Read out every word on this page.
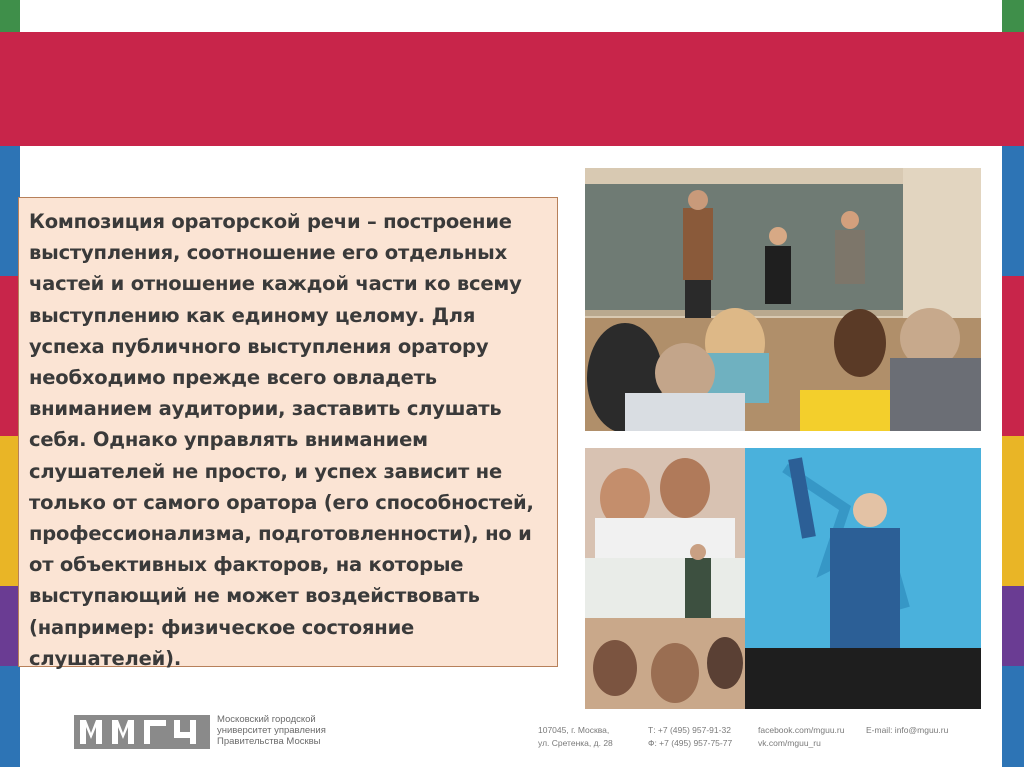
Композиция ораторской речи – построение выступления, соотношение его отдельных частей и отношение каждой части ко всему выступлению как единому целому. Для успеха публичного выступления оратору необходимо прежде всего овладеть вниманием аудитории, заставить слушать себя. Однако управлять вниманием слушателей не просто, и успех зависит не только от самого оратора (его способностей, профессионализма, подготовленности), но и от объективных факторов, на которые выступающий не может воздействовать (например: физическое состояние слушателей).

Московский городской
университет управления
Правительства Москвы
107045, г. Москва,
ул. Сретенка, д. 28
Т: +7 (495) 957-91-32
Ф: +7 (495) 957-75-77
facebook.com/mguu.ru
vk.com/mguu_ru
E-mail: info@mguu.ru
